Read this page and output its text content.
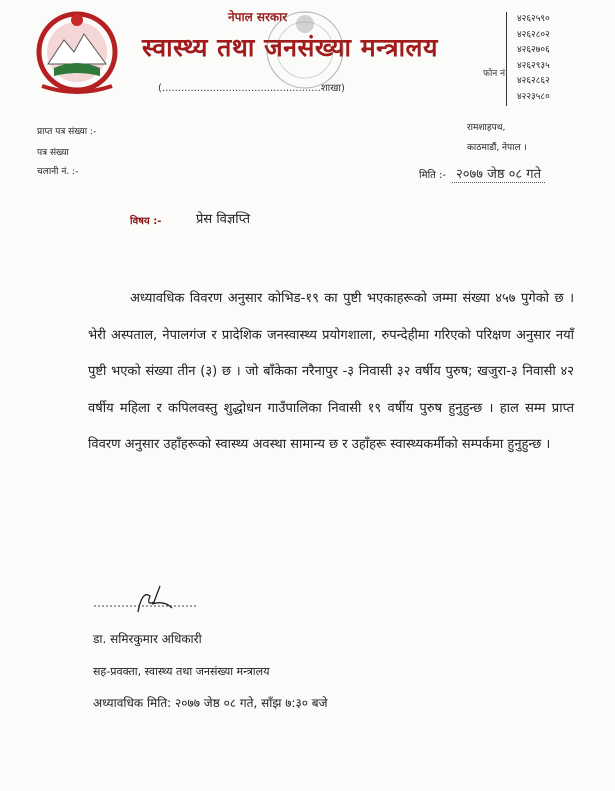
नेपाल सरकार
स्वास्थ्य तथा जनसंख्या मन्त्रालय
(..................................................शाखा)
फोन नं.
४२६२५९०
४२६२८०२
४२६२७०६
४२६२९३५
४२६२८६२
४२२३५८०
प्राप्त पत्र संख्या :-
पत्र संख्या
चलानी नं. :-
रामशाहपथ,
काठमाडौं, नेपाल ।
मिति :- २०७७ जेष्ठ ०८ गते
विषय :-	प्रेस विज्ञप्ति

अध्यावधिक विवरण अनुसार कोभिड-१९ का पुष्टी भएकाहरूको जम्मा संख्या ४५७ पुगेको छ । भेरी अस्पताल, नेपालगंज र प्रादेशिक जनस्वास्थ्य प्रयोगशाला, रुपन्देहीमा गरिएको परिक्षण अनुसार नयाँ पुष्टी भएको संख्या तीन (३) छ । जो बाँकेका नरैनापुर -३ निवासी ३२ वर्षीय पुरुष; खजुरा-३ निवासी ४२ वर्षीय महिला र कपिलवस्तु शुद्धोधन गाउँपालिका निवासी १९ वर्षीय पुरुष हुनुहुन्छ । हाल सम्म प्राप्त विवरण अनुसार उहाँहरूको स्वास्थ्य अवस्था सामान्य छ र उहाँहरू स्वास्थ्यकर्मीको सम्पर्कमा हुनुहुन्छ ।

डा. समिरकुमार अधिकारी
सह-प्रवक्ता, स्वास्थ्य तथा जनसंख्या मन्त्रालय
अध्यावधिक मिति: २०७७ जेष्ठ ०८ गते, साँझ ७:३० बजे
